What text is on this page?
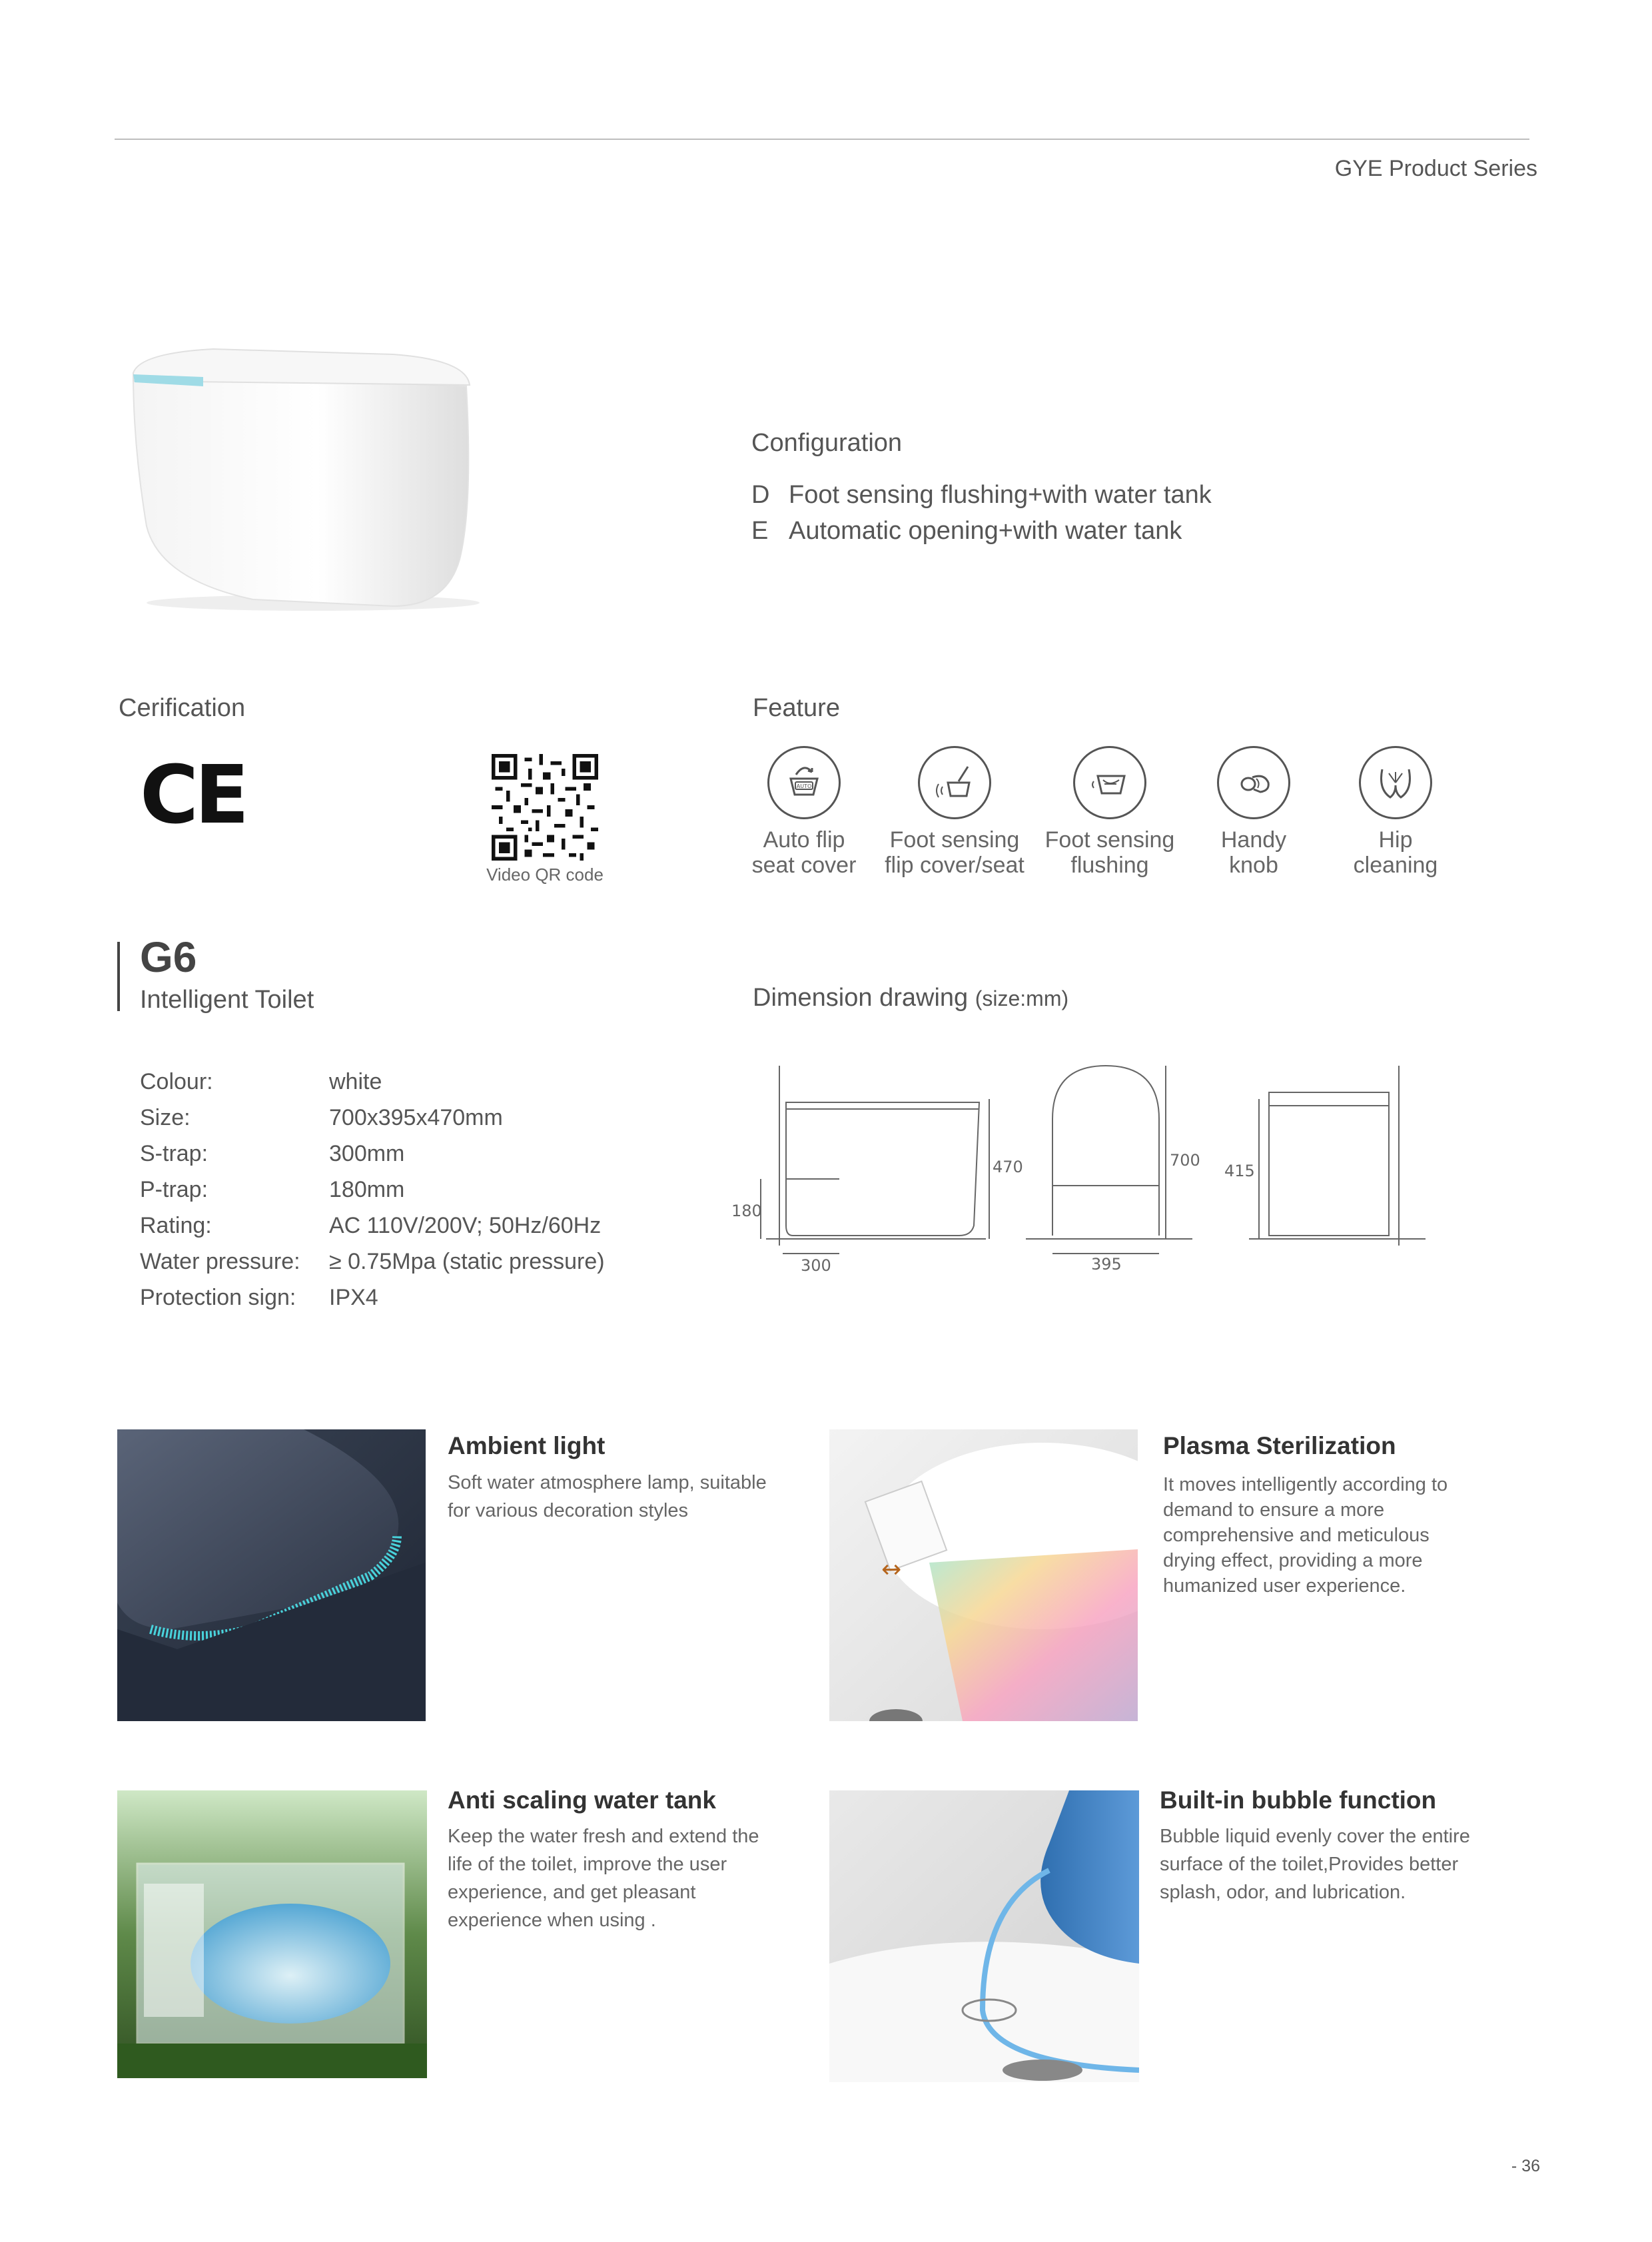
GYE Product Series
Configuration
D Foot sensing flushing+with water tank
E Automatic opening+with water tank
Cerification
CE
Video QR code
Feature
AUTO
Auto flip
seat cover
Foot sensing
flip cover/seat
Foot sensing
flushing
Handy
knob
Hip
cleaning
G6
Intelligent Toilet
Colour:	white
Size:	700x395x470mm
S-trap:	300mm
P-trap:	180mm
Rating:	AC 110V/200V; 50Hz/60Hz
Water pressure: ≥ 0.75Mpa (static pressure)
Protection sign: IPX4
Dimension drawing (size:mm)
470
180
300
700
395
415
Ambient light
Soft water atmosphere lamp, suitable for various decoration styles
↔
Plasma Sterilization
It moves intelligently according to demand to ensure a more comprehensive and meticulous drying effect, providing a more humanized user experience.
Anti scaling water tank
Keep the water fresh and extend the life of the toilet, improve the user experience, and get pleasant experience when using .
Built-in bubble function
Bubble liquid evenly cover the entire surface of the toilet,Provides better splash, odor, and lubrication.
- 36
